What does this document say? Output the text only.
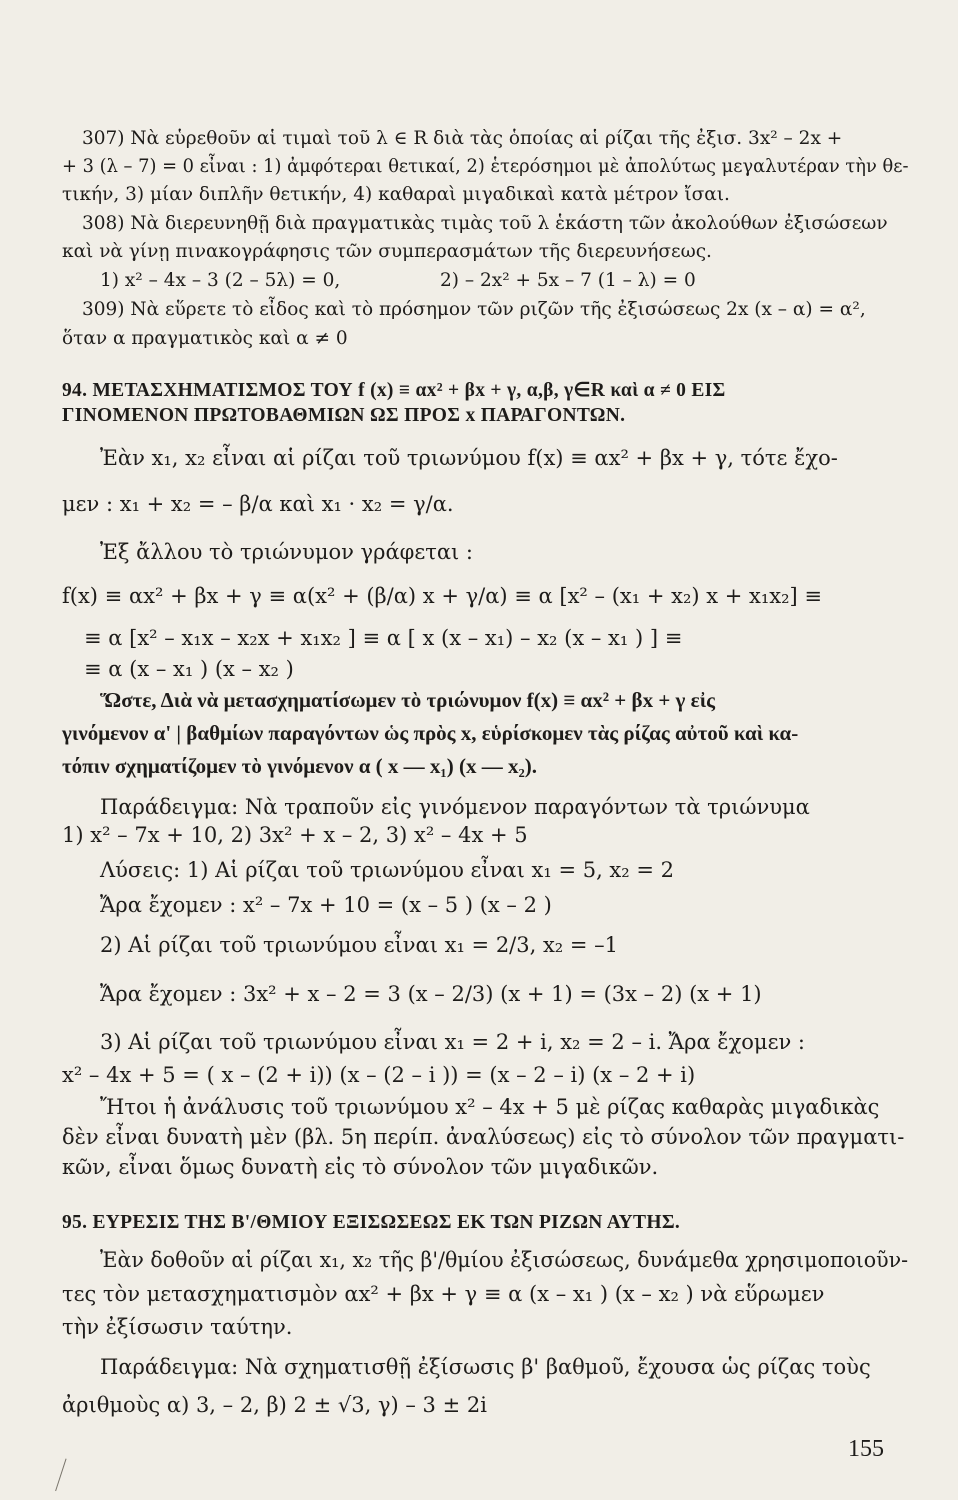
307) Νὰ εὑρεθοῦν αἱ τιμαὶ τοῦ λ ∈ R διὰ τὰς ὁποίας αἱ ρίζαι τῆς ἐξισ. 3x² – 2x +

+ 3 (λ – 7) = 0 εἶναι : 1) ἀμφότεραι θετικαί, 2) ἑτερόσημοι μὲ ἀπολύτως μεγαλυτέραν τὴν θε-

τικήν, 3) μίαν διπλῆν θετικήν, 4) καθαραὶ μιγαδικαὶ κατὰ μέτρον ἴσαι.

308) Νὰ διερευνηθῇ διὰ πραγματικὰς τιμὰς τοῦ λ ἑκάστη τῶν ἀκολούθων ἐξισώσεων

καὶ νὰ γίνῃ πινακογράφησις τῶν συμπερασμάτων τῆς διερευνήσεως.

1) x² – 4x – 3 (2 – 5λ) = 0,	2) – 2x² + 5x – 7 (1 – λ) = 0

309) Νὰ εὕρετε τὸ εἶδος καὶ τὸ πρόσημον τῶν ριζῶν τῆς ἐξισώσεως 2x (x – α) = α²,

ὅταν α πραγματικὸς καὶ α ≠ 0

94. ΜΕΤΑΣΧΗΜΑΤΙΣΜΟΣ ΤΟΥ f (x) ≡ αx² + βx + γ, α,β, γ∈R καὶ α ≠ 0 ΕΙΣ

ΓΙΝΟΜΕΝΟΝ ΠΡΩΤΟΒΑΘΜΙΩΝ ΩΣ ΠΡΟΣ x ΠΑΡΑΓΟΝΤΩΝ.

Ἐὰν x₁, x₂ εἶναι αἱ ρίζαι τοῦ τριωνύμου f(x) ≡ αx² + βx + γ, τότε ἔχο-

μεν : x₁ + x₂ = – β/α καὶ x₁ · x₂ = γ/α.

Ἐξ ἄλλου τὸ τριώνυμον γράφεται :

f(x) ≡ αx² + βx + γ ≡ α(x² + (β/α) x + γ/α) ≡ α [x² – (x₁ + x₂) x + x₁x₂] ≡

≡ α [x² – x₁x – x₂x + x₁x₂ ] ≡ α [ x (x – x₁) – x₂ (x – x₁ ) ] ≡

≡ α (x – x₁ ) (x – x₂ )

Ὥστε, Διὰ νὰ μετασχηματίσωμεν τὸ τριώνυμον f(x) ≡ αx² + βx + γ εἰς

γινόμενον α' | βαθμίων παραγόντων ὡς πρὸς x, εὑρίσκομεν τὰς ρίζας αὐτοῦ καὶ κα-

τόπιν σχηματίζομεν τὸ γινόμενον α ( x — x₁) (x — x₂).

Παράδειγμα: Νὰ τραποῦν εἰς γινόμενον παραγόντων τὰ τριώνυμα

1) x² – 7x + 10, 2) 3x² + x – 2, 3) x² – 4x + 5

Λύσεις: 1) Αἱ ρίζαι τοῦ τριωνύμου εἶναι x₁ = 5, x₂ = 2

Ἄρα ἔχομεν : x² – 7x + 10 = (x – 5 ) (x – 2 )

2) Αἱ ρίζαι τοῦ τριωνύμου εἶναι x₁ = 2/3, x₂ = –1

Ἄρα ἔχομεν : 3x² + x – 2 = 3 (x – 2/3) (x + 1) = (3x – 2) (x + 1)

3) Αἱ ρίζαι τοῦ τριωνύμου εἶναι x₁ = 2 + i, x₂ = 2 – i. Ἄρα ἔχομεν :

x² – 4x + 5 = ( x – (2 + i)) (x – (2 – i )) = (x – 2 – i) (x – 2 + i)

Ἤτοι ἡ ἀνάλυσις τοῦ τριωνύμου x² – 4x + 5 μὲ ρίζας καθαρὰς μιγαδικὰς

δὲν εἶναι δυνατὴ μὲν (βλ. 5η περίπ. ἀναλύσεως) εἰς τὸ σύνολον τῶν πραγματι-

κῶν, εἶναι ὅμως δυνατὴ εἰς τὸ σύνολον τῶν μιγαδικῶν.

95. ΕΥΡΕΣΙΣ ΤΗΣ Β'/ΘΜΙΟΥ ΕΞΙΣΩΣΕΩΣ ΕΚ ΤΩΝ ΡΙΖΩΝ ΑΥΤΗΣ.

Ἐὰν δοθοῦν αἱ ρίζαι x₁, x₂ τῆς β'/θμίου ἐξισώσεως, δυνάμεθα χρησιμοποιοῦν-

τες τὸν μετασχηματισμὸν αx² + βx + γ ≡ α (x – x₁ ) (x – x₂ ) νὰ εὕρωμεν

τὴν ἐξίσωσιν ταύτην.

Παράδειγμα: Νὰ σχηματισθῇ ἐξίσωσις β' βαθμοῦ, ἔχουσα ὡς ρίζας τοὺς

ἀριθμοὺς α) 3, – 2, β) 2 ± √3, γ) – 3 ± 2i

155
